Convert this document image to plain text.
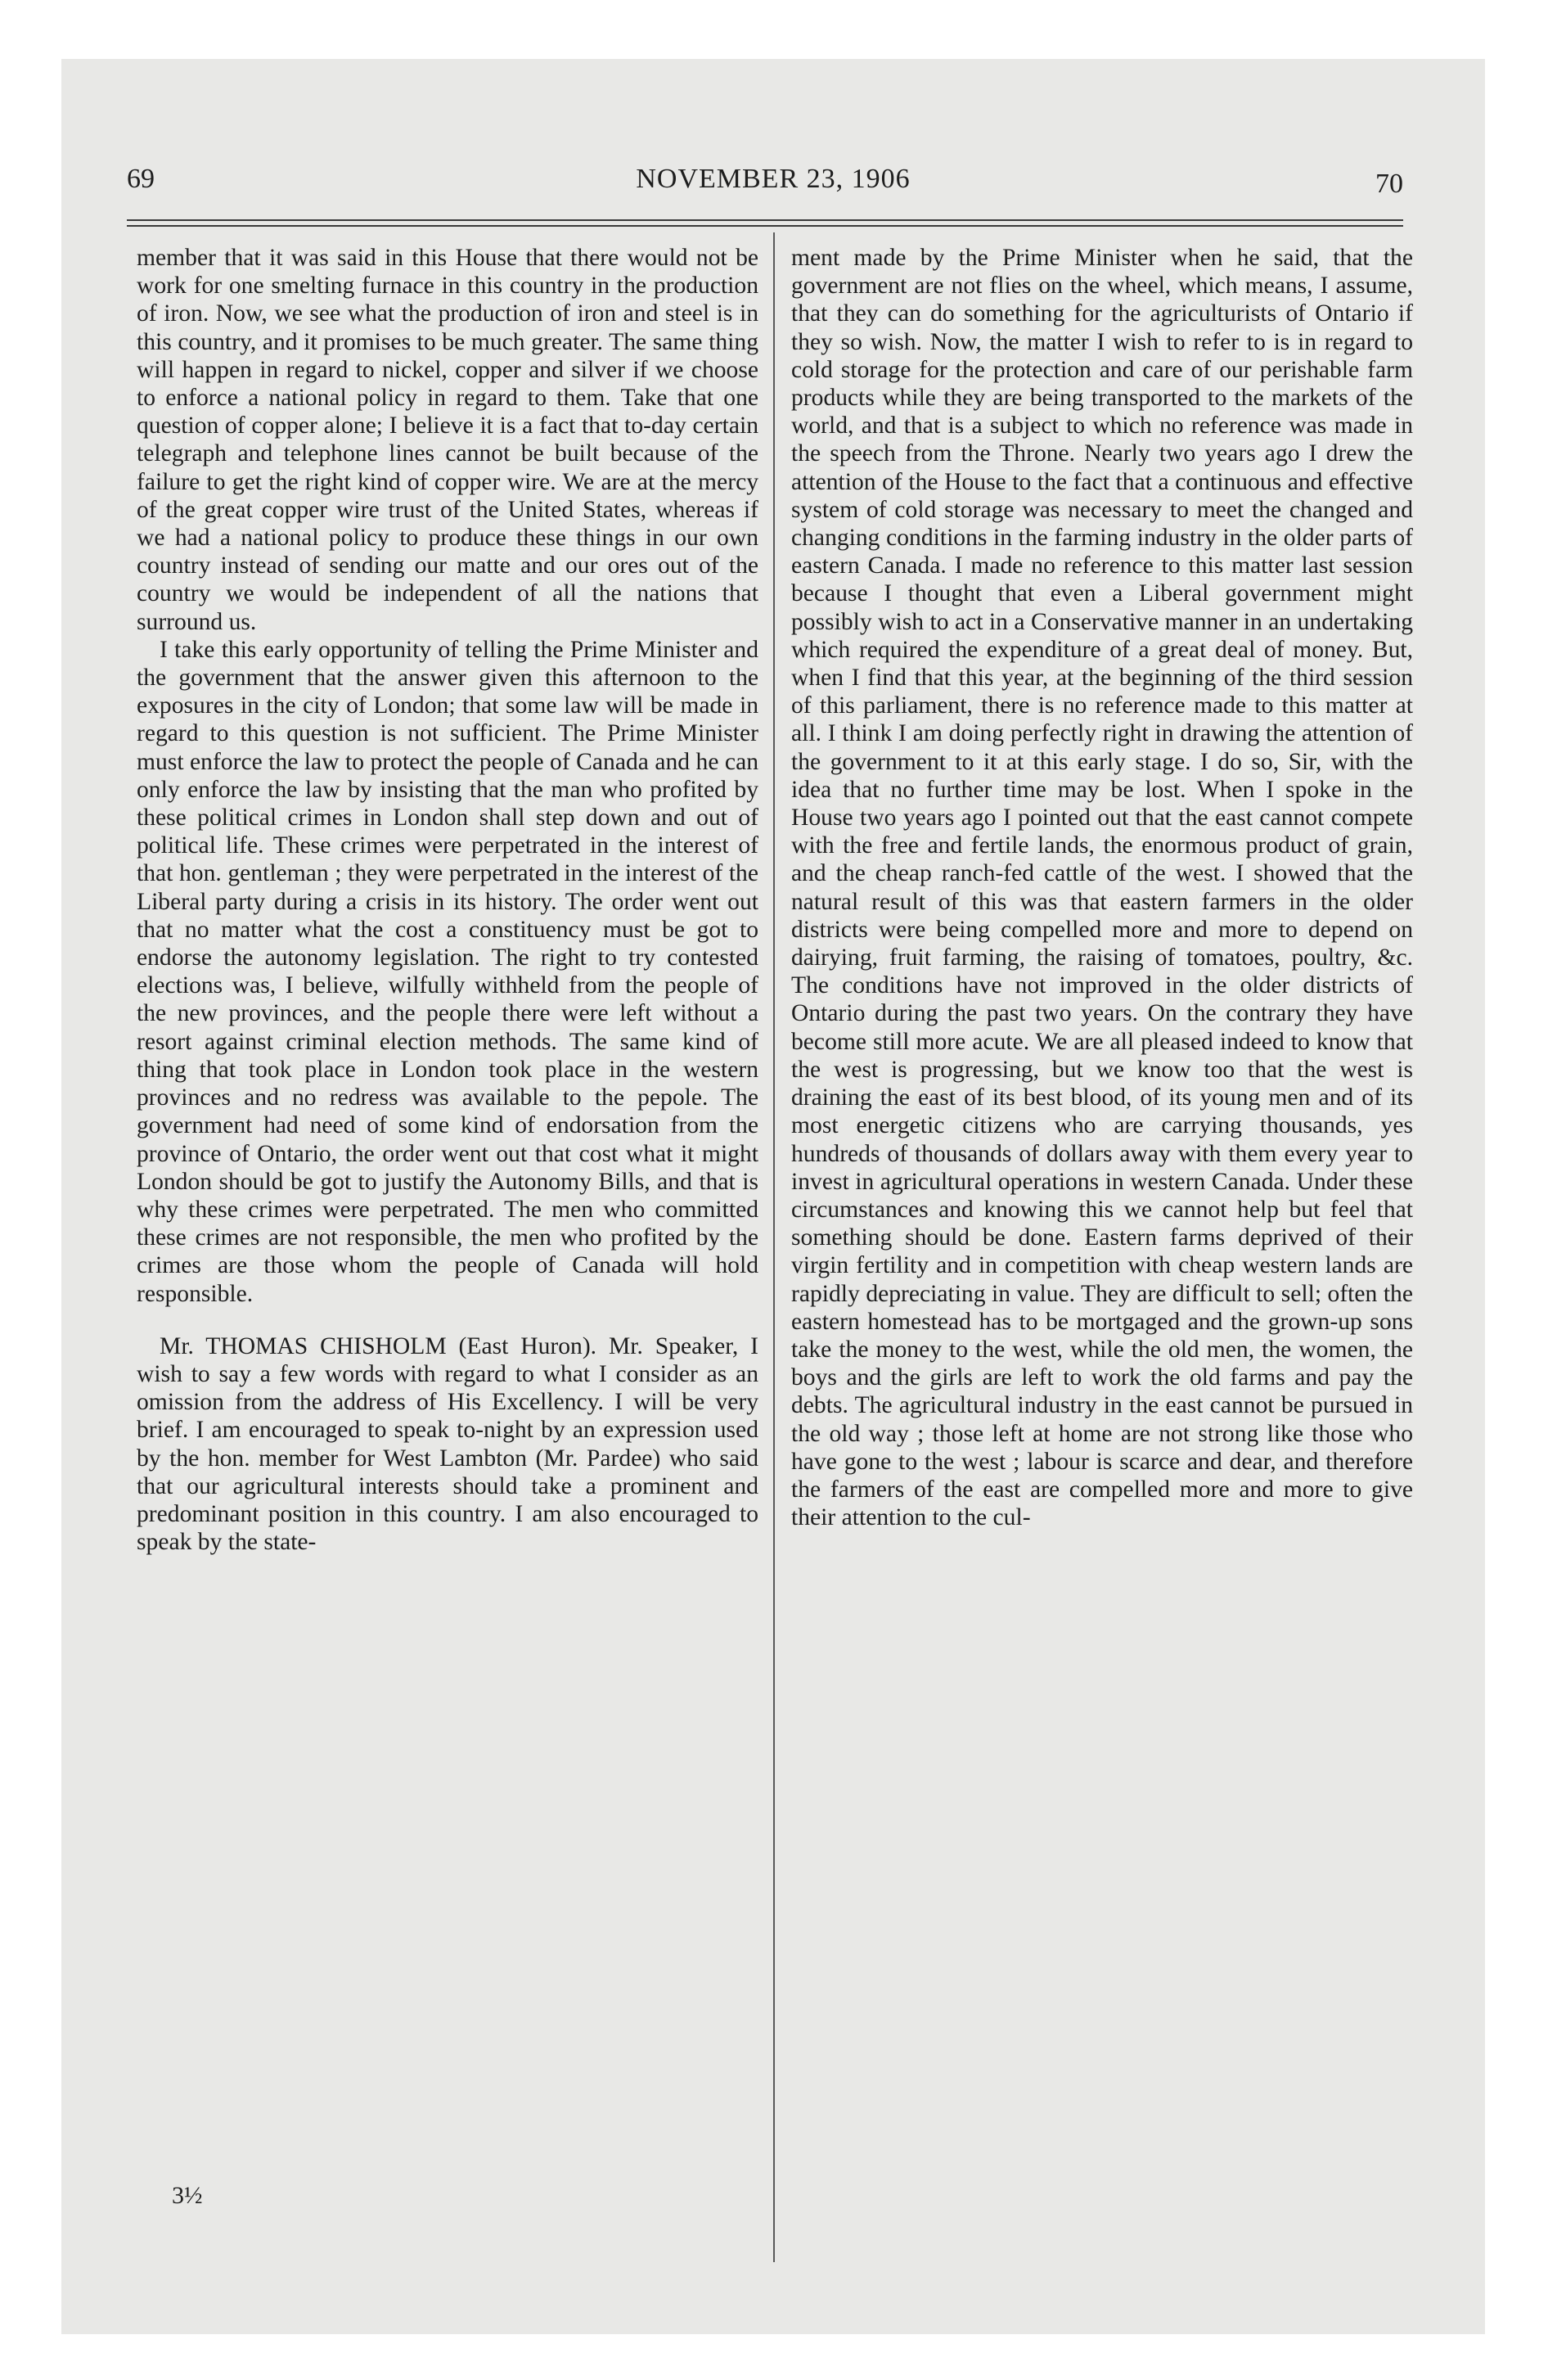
69	NOVEMBER 23, 1906	70

member that it was said in this House that there would not be work for one smelting furnace in this country in the production of iron. Now, we see what the production of iron and steel is in this country, and it promises to be much greater. The same thing will happen in regard to nickel, copper and silver if we choose to enforce a national policy in regard to them. Take that one question of copper alone; I believe it is a fact that to-day certain telegraph and telephone lines cannot be built because of the failure to get the right kind of copper wire. We are at the mercy of the great copper wire trust of the United States, whereas if we had a national policy to produce these things in our own country instead of sending our matte and our ores out of the country we would be independent of all the nations that surround us.

I take this early opportunity of telling the Prime Minister and the government that the answer given this afternoon to the exposures in the city of London; that some law will be made in regard to this question is not sufficient. The Prime Minister must enforce the law to protect the people of Canada and he can only enforce the law by insisting that the man who profited by these political crimes in London shall step down and out of political life. These crimes were perpetrated in the interest of that hon. gentleman ; they were perpetrated in the interest of the Liberal party during a crisis in its history. The order went out that no matter what the cost a constituency must be got to endorse the autonomy legislation. The right to try contested elections was, I believe, wilfully withheld from the people of the new provinces, and the people there were left without a resort against criminal election methods. The same kind of thing that took place in London took place in the western provinces and no redress was available to the pepole. The government had need of some kind of endorsation from the province of Ontario, the order went out that cost what it might London should be got to justify the Autonomy Bills, and that is why these crimes were perpetrated. The men who committed these crimes are not responsible, the men who profited by the crimes are those whom the people of Canada will hold responsible.

Mr. THOMAS CHISHOLM (East Huron). Mr. Speaker, I wish to say a few words with regard to what I consider as an omission from the address of His Excellency. I will be very brief. I am encouraged to speak to-night by an expression used by the hon. member for West Lambton (Mr. Pardee) who said that our agricultural interests should take a prominent and predominant position in this country. I am also encouraged to speak by the state-

ment made by the Prime Minister when he said, that the government are not flies on the wheel, which means, I assume, that they can do something for the agriculturists of Ontario if they so wish. Now, the matter I wish to refer to is in regard to cold storage for the protection and care of our perishable farm products while they are being transported to the markets of the world, and that is a subject to which no reference was made in the speech from the Throne. Nearly two years ago I drew the attention of the House to the fact that a continuous and effective system of cold storage was necessary to meet the changed and changing conditions in the farming industry in the older parts of eastern Canada. I made no reference to this matter last session because I thought that even a Liberal government might possibly wish to act in a Conservative manner in an undertaking which required the expenditure of a great deal of money. But, when I find that this year, at the beginning of the third session of this parliament, there is no reference made to this matter at all. I think I am doing perfectly right in drawing the attention of the government to it at this early stage. I do so, Sir, with the idea that no further time may be lost. When I spoke in the House two years ago I pointed out that the east cannot compete with the free and fertile lands, the enormous product of grain, and the cheap ranch-fed cattle of the west. I showed that the natural result of this was that eastern farmers in the older districts were being compelled more and more to depend on dairying, fruit farming, the raising of tomatoes, poultry, &c. The conditions have not improved in the older districts of Ontario during the past two years. On the contrary they have become still more acute. We are all pleased indeed to know that the west is progressing, but we know too that the west is draining the east of its best blood, of its young men and of its most energetic citizens who are carrying thousands, yes hundreds of thousands of dollars away with them every year to invest in agricultural operations in western Canada. Under these circumstances and knowing this we cannot help but feel that something should be done. Eastern farms deprived of their virgin fertility and in competition with cheap western lands are rapidly depreciating in value. They are difficult to sell; often the eastern homestead has to be mortgaged and the grown-up sons take the money to the west, while the old men, the women, the boys and the girls are left to work the old farms and pay the debts. The agricultural industry in the east cannot be pursued in the old way ; those left at home are not strong like those who have gone to the west ; labour is scarce and dear, and therefore the farmers of the east are compelled more and more to give their attention to the cul-

3½
